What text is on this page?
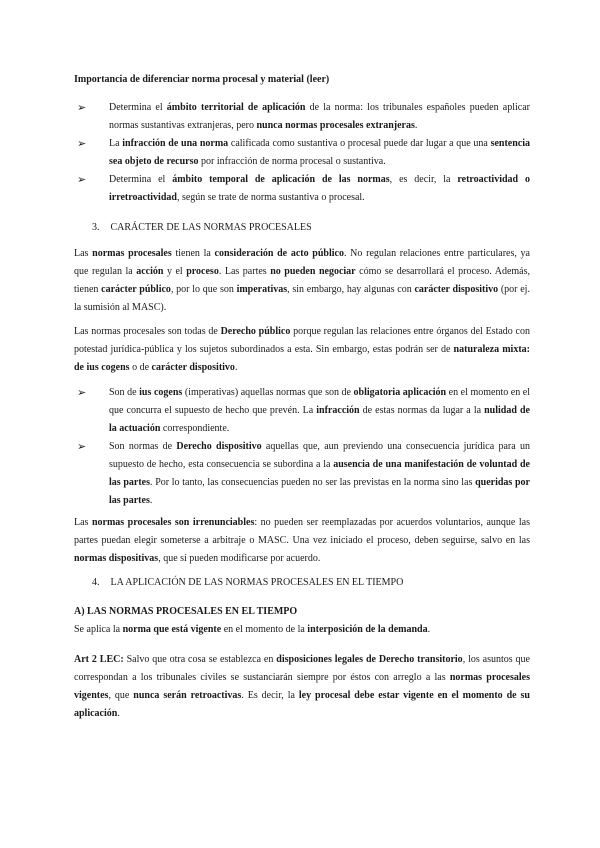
Importancia de diferenciar norma procesal y material (leer)
➢ Determina el ámbito territorial de aplicación de la norma: los tribunales españoles pueden aplicar normas sustantivas extranjeras, pero nunca normas procesales extranjeras.
➢ La infracción de una norma calificada como sustantiva o procesal puede dar lugar a que una sentencia sea objeto de recurso por infracción de norma procesal o sustantiva.
➢ Determina el ámbito temporal de aplicación de las normas, es decir, la retroactividad o irretroactividad, según se trate de norma sustantiva o procesal.
3. CARÁCTER DE LAS NORMAS PROCESALES
Las normas procesales tienen la consideración de acto público. No regulan relaciones entre particulares, ya que regulan la acción y el proceso. Las partes no pueden negociar cómo se desarrollará el proceso. Además, tienen carácter público, por lo que son imperativas, sin embargo, hay algunas con carácter dispositivo (por ej. la sumisión al MASC).
Las normas procesales son todas de Derecho público porque regulan las relaciones entre órganos del Estado con potestad jurídica-pública y los sujetos subordinados a esta. Sin embargo, estas podrán ser de naturaleza mixta: de ius cogens o de carácter dispositivo.
➢ Son de ius cogens (imperativas) aquellas normas que son de obligatoria aplicación en el momento en el que concurra el supuesto de hecho que prevén. La infracción de estas normas da lugar a la nulidad de la actuación correspondiente.
➢ Son normas de Derecho dispositivo aquellas que, aun previendo una consecuencia jurídica para un supuesto de hecho, esta consecuencia se subordina a la ausencia de una manifestación de voluntad de las partes. Por lo tanto, las consecuencias pueden no ser las previstas en la norma sino las queridas por las partes.
Las normas procesales son irrenunciables: no pueden ser reemplazadas por acuerdos voluntarios, aunque las partes puedan elegir someterse a arbitraje o MASC. Una vez iniciado el proceso, deben seguirse, salvo en las normas dispositivas, que sí pueden modificarse por acuerdo.
4. LA APLICACIÓN DE LAS NORMAS PROCESALES EN EL TIEMPO
A) LAS NORMAS PROCESALES EN EL TIEMPO
Se aplica la norma que está vigente en el momento de la interposición de la demanda.
Art 2 LEC: Salvo que otra cosa se establezca en disposiciones legales de Derecho transitorio, los asuntos que correspondan a los tribunales civiles se sustanciarán siempre por éstos con arreglo a las normas procesales vigentes, que nunca serán retroactivas. Es decir, la ley procesal debe estar vigente en el momento de su aplicación.
